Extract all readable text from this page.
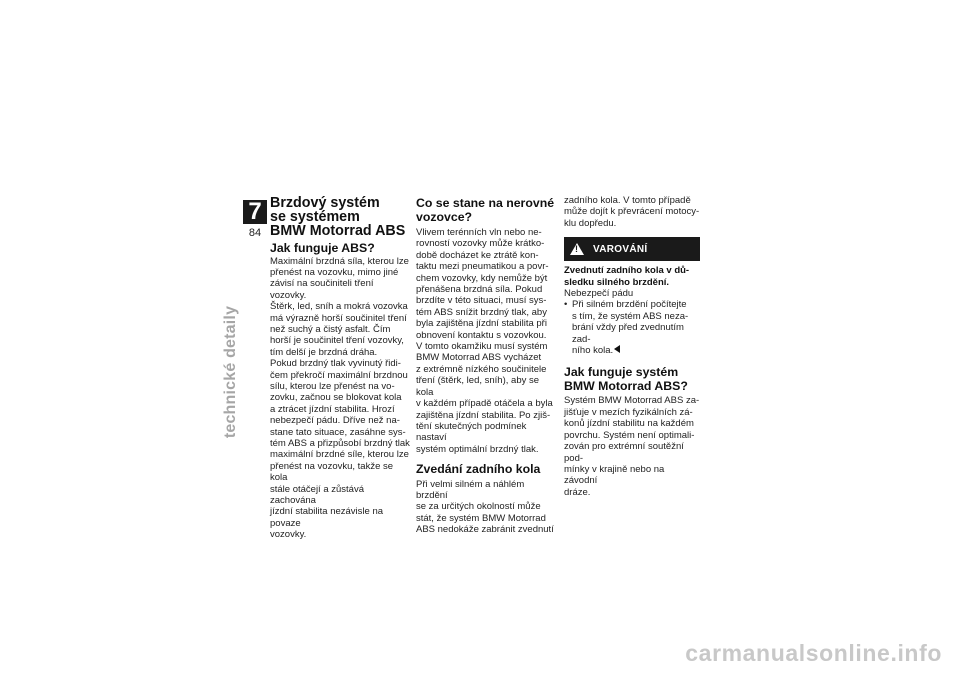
7
84
technické detaily
Brzdový systém
se systémem
BMW Motorrad ABS
Jak funguje ABS?

Maximální brzdná síla, kterou lze
přenést na vozovku, mimo jiné
závisí na součiniteli tření vozovky.
Štěrk, led, sníh a mokrá vozovka
má výrazně horší součinitel tření
než suchý a čistý asfalt. Čím
horší je součinitel tření vozovky,
tím delší je brzdná dráha.
Pokud brzdný tlak vyvinutý řidi-
čem překročí maximální brzdnou
sílu, kterou lze přenést na vo-
zovku, začnou se blokovat kola
a ztrácet jízdní stabilita. Hrozí
nebezpečí pádu. Dříve než na-
stane tato situace, zasáhne sys-
tém ABS a přizpůsobí brzdný tlak
maximální brzdné síle, kterou lze
přenést na vozovku, takže se kola
stále otáčejí a zůstává zachována
jízdní stabilita nezávisle na povaze
vozovky.

Co se stane na nerovné
vozovce?

Vlivem terénních vln nebo ne-
rovností vozovky může krátko-
době docházet ke ztrátě kon-
taktu mezi pneumatikou a povr-
chem vozovky, kdy nemůže být
přenášena brzdná síla. Pokud
brzdíte v této situaci, musí sys-
tém ABS snížit brzdný tlak, aby
byla zajištěna jízdní stabilita při
obnovení kontaktu s vozovkou.
V tomto okamžiku musí systém
BMW Motorrad ABS vycházet
z extrémně nízkého součinitele
tření (štěrk, led, sníh), aby se kola
v každém případě otáčela a byla
zajištěna jízdní stabilita. Po zjiš-
tění skutečných podmínek nastaví
systém optimální brzdný tlak.

Zvedání zadního kola

Při velmi silném a náhlém brzdění
se za určitých okolností může
stát, že systém BMW Motorrad
ABS nedokáže zabránit zvednutí

zadního kola. V tomto případě
může dojít k převrácení motocy-
klu dopředu.

!
VAROVÁNÍ
Zvednutí zadního kola v dů-
sledku silného brzdění.

Nebezpečí pádu

• Při silném brzdění počítejte
s tím, že systém ABS neza-
brání vždy před zvednutím zad-
ního kola.
Jak funguje systém
BMW Motorrad ABS?

Systém BMW Motorrad ABS za-
jišťuje v mezích fyzikálních zá-
konů jízdní stabilitu na každém
povrchu. Systém není optimali-
zován pro extrémní soutěžní pod-
mínky v krajině nebo na závodní
dráze.

carmanualsonline.info
